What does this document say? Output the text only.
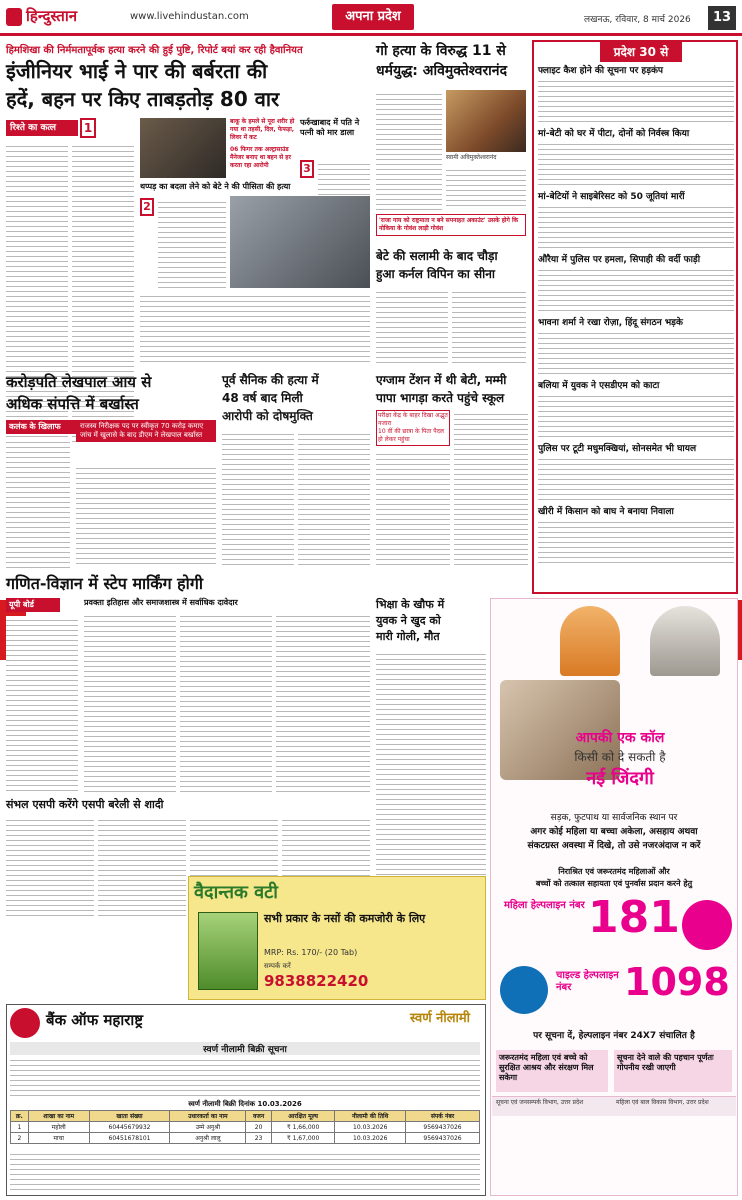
हिन्दुस्तान	www.livehindustan.com	अपना प्रदेश	लखनऊ, रविवार, 8 मार्च 2026	13
हिमशिखा की निर्ममतापूर्वक हत्या करने की हुई पुष्टि, रिपोर्ट बयां कर रही हैवानियत
इंजीनियर भाई ने पार की बर्बरता की
हदें, बहन पर किए ताबड़तोड़ 80 वार
रिश्ते का कत्ल	1	बाकू के हमले से पूरा शरीर हो गया था तहसी, दिल, फेफड़ा, लिवर में कट
06 फिगर तक अल्ट्रासाउंड मैनेजर बनाए था बहन से हर करता रहा आरोपी
फर्रुखाबाद में पति ने पत्नी को मार डाला
3
थप्पड़ का बदला लेने को बेटे ने की पीसिता की हत्या
2
गो हत्या के विरुद्ध 11 से
धर्मयुद्ध: अविमुक्तेश्वरानंद
स्वामी अविमुक्तेश्वरानंद
'राजा गाय को राष्ट्रमाता न बने सपनाहत अकाउंट' उसके होगे कि नोकिया के गोवंश लाड़ी गोवंश
बेटे की सलामी के बाद चौड़ा
हुआ कर्नल विपिन का सीना
प्रदेश 30 से
फ्लाइट कैश होने की सूचना पर हड़कंप
मां-बेटी को घर में पीटा, दोनों को निर्वस्त्र किया
मां-बेटियों ने साइबेरिसट को 50 जूतियां मारीं
औरैया में पुलिस पर हमला, सिपाही की वर्दी फाड़ी
भावना शर्मा ने रखा रोज़ा, हिंदू संगठन भड़के
बलिया में युवक ने एसडीएम को काटा
पुलिस पर टूटी मधुमक्खियां, सोनसमेत भी घायल
खीरी में किसान को बाघ ने बनाया निवाला
करोड़पति लेखपाल आय से
अधिक संपत्ति में बर्खास्त
कलंक के खिलाफ	राजस्व निरीक्षक पद पर स्वीकृत 70 करोड़ कमाए
जांच में खुलासे के बाद डीएम ने लेखपाल बर्खास्त
पूर्व सैनिक की हत्या में
48 वर्ष बाद मिली
आरोपी को दोषमुक्ति
एग्जाम टेंशन में थी बेटी, मम्मी
पापा भागड़ा करते पहुंचे स्कूल
परीक्षा केंद्र के बाहर दिखा अद्भुत नजारा
10 वीं की छात्रा के पिता पैदल हो लेकर पहुंचा
गणित-विज्ञान में स्टेप मार्किंग होगी
यूपी बोर्ड	प्रवक्ता इतिहास और समाजशास्त्र में सर्वाधिक दावेदार	भिक्षा के खौफ में
युवक ने खुद को
मारी गोली, मौत
संभल एसपी करेंगे एसपी बरेली से शादी
वैदान्तक वटी
सभी प्रकार के नसों की कमजोरी के लिए
MRP: Rs. 170/- (20 Tab)
सम्पर्क करें
9838822420
बैंक ऑफ महाराष्ट्र	स्वर्ण नीलामी
स्वर्ण नीलामी बिक्री सूचना
स्वर्ण नीलामी बिक्री दिनांक 10.03.2026
क्र.	शाखा का नाम	खाता संख्या	उधारकर्ता का नाम	वजन	आरक्षित मूल्य	नीलामी की तिथि	संपर्क नंबर
1	महोली	60445679932	उम्मे अनुश्री	20	₹ 1,66,000	10.03.2026	9569437026
2	माचा	60451678101	अनुश्री लालू	23	₹ 1,67,000	10.03.2026	9569437026
आपकी एक कॉल
किसी को दे सकती है
नई जिंदगी
सड़क, फुटपाथ या सार्वजनिक स्थान पर
अगर कोई महिला या बच्चा अकेला, असहाय अथवा
संकटग्रस्त अवस्था में दिखे, तो उसे नजरअंदाज न करें
निराश्रित एवं जरूरतमंद महिलाओं और
बच्चों को तत्काल सहायता एवं पुनर्वास प्रदान करने हेतु
महिला हेल्पलाइन नंबर 181
चाइल्ड हेल्पलाइन नंबर	1098
पर सूचना दें, हेल्पलाइन नंबर 24X7 संचालित है
जरूरतमंद महिला एवं बच्चे को सुरक्षित आश्रय और संरक्षण मिल सकेगा
सूचना देने वाले की पहचान पूर्णतः गोपनीय रखी जाएगी
सूचना एवं जनसम्पर्क विभाग, उत्तर प्रदेश	महिला एवं बाल विकास विभाग, उत्तर प्रदेश
